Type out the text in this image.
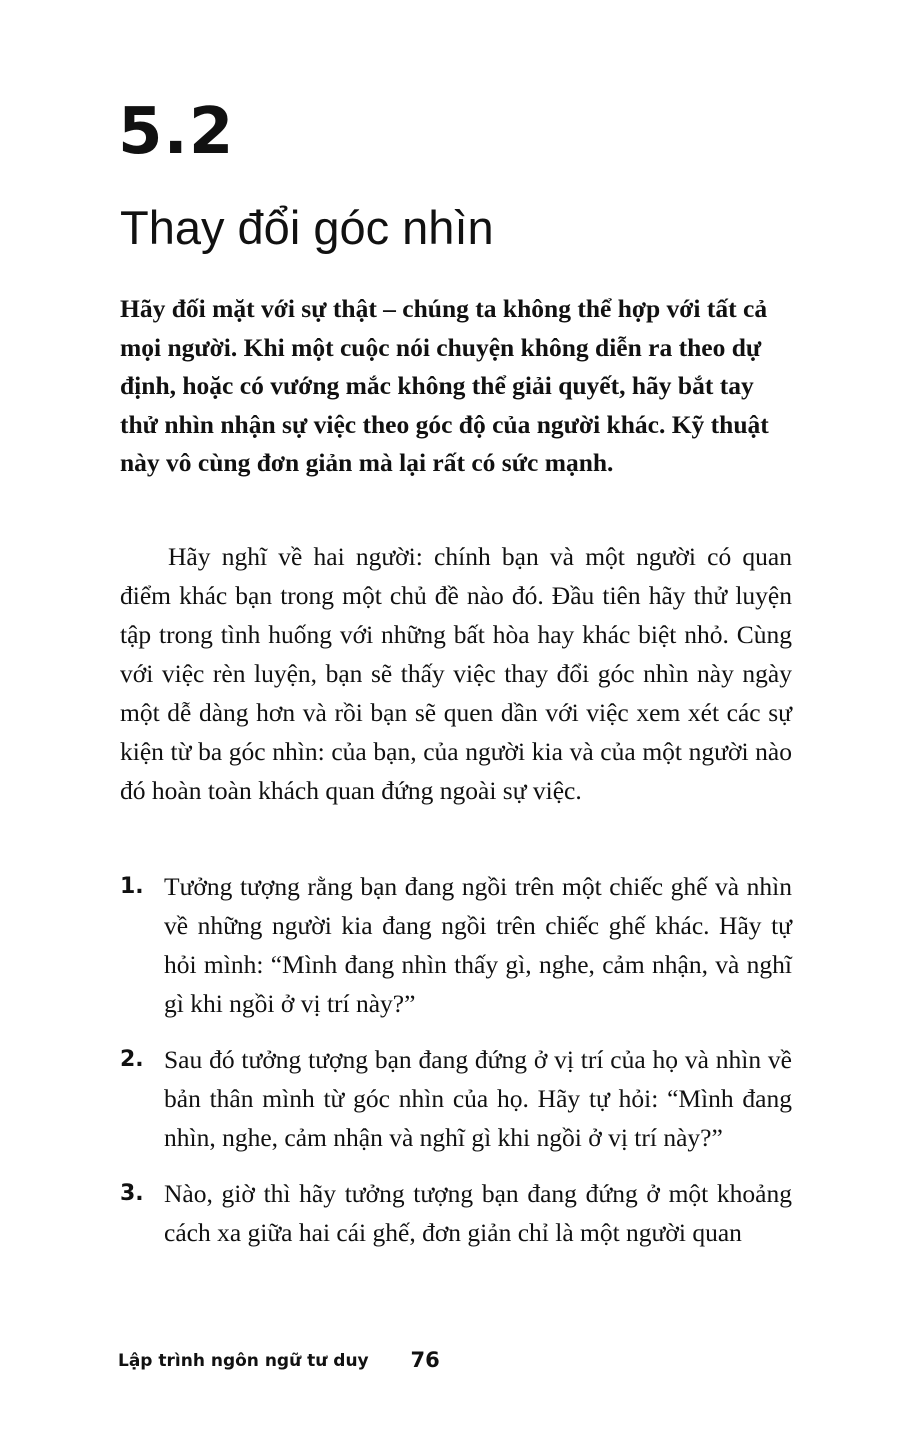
5.2
Thay đổi góc nhìn

Hãy đối mặt với sự thật – chúng ta không thể hợp với tất cả mọi người. Khi một cuộc nói chuyện không diễn ra theo dự định, hoặc có vướng mắc không thể giải quyết, hãy bắt tay thử nhìn nhận sự việc theo góc độ của người khác. Kỹ thuật này vô cùng đơn giản mà lại rất có sức mạnh.

Hãy nghĩ về hai người: chính bạn và một người có quan điểm khác bạn trong một chủ đề nào đó. Đầu tiên hãy thử luyện tập trong tình huống với những bất hòa hay khác biệt nhỏ. Cùng với việc rèn luyện, bạn sẽ thấy việc thay đổi góc nhìn này ngày một dễ dàng hơn và rồi bạn sẽ quen dần với việc xem xét các sự kiện từ ba góc nhìn: của bạn, của người kia và của một người nào đó hoàn toàn khách quan đứng ngoài sự việc.

1. Tưởng tượng rằng bạn đang ngồi trên một chiếc ghế và nhìn về những người kia đang ngồi trên chiếc ghế khác. Hãy tự hỏi mình: “Mình đang nhìn thấy gì, nghe, cảm nhận, và nghĩ gì khi ngồi ở vị trí này?”
2. Sau đó tưởng tượng bạn đang đứng ở vị trí của họ và nhìn về bản thân mình từ góc nhìn của họ. Hãy tự hỏi: “Mình đang nhìn, nghe, cảm nhận và nghĩ gì khi ngồi ở vị trí này?”
3. Nào, giờ thì hãy tưởng tượng bạn đang đứng ở một khoảng cách xa giữa hai cái ghế, đơn giản chỉ là một người quan
Lập trình ngôn ngữ tư duy 76
